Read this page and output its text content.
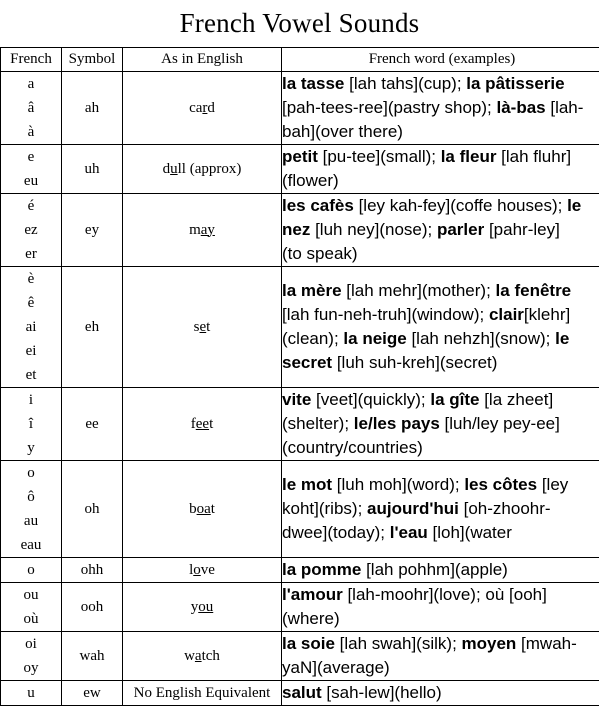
French Vowel Sounds
French	Symbol	As in English	French word (examples)

a
â
à	ah	card	la tasse [lah tahs](cup); la pâtisserie
[pah-tees-ree](pastry shop); là-bas [lah-
bah](over there)

e
eu	uh	dull (approx)	petit [pu-tee](small); la fleur [lah fluhr]
(flower)

é
ez
er	ey	may	les cafès [ley kah-fey](coffe houses); le
nez [luh ney](nose); parler [pahr-ley]
(to speak)

è
ê
ai
ei
et	eh	set	la mère [lah mehr](mother); la fenêtre
[lah fun-neh-truh](window); clair[klehr]
(clean); la neige [lah nehzh](snow); le
secret [luh suh-kreh](secret)

i
î
y	ee	feet	vite [veet](quickly); la gîte [la zheet]
(shelter); le/les pays [luh/ley pey-ee]
(country/countries)

o
ô
au
eau	oh	boat	le mot [luh moh](word); les côtes [ley
koht](ribs); aujourd'hui [oh-zhoohr-
dwee](today); l'eau [loh](water

o	ohh	love	la pomme [lah pohhm](apple)

ou
où	ooh	you	l'amour [lah-moohr](love); où [ooh]
(where)

oi
oy	wah	watch	la soie [lah swah](silk); moyen [mwah-
yaN](average)

u	ew	No English Equivalent	salut [sah-lew](hello)
